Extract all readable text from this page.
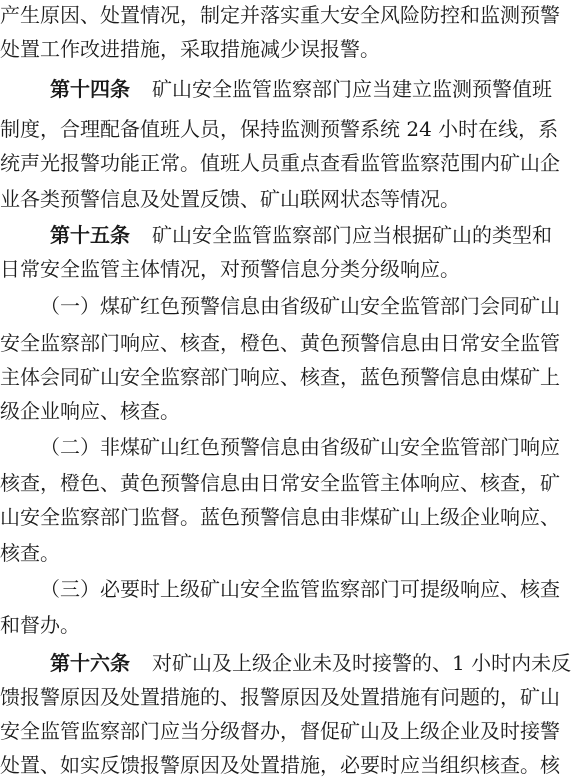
产生原因、处置情况，制定并落实重大安全风险防控和监测预警
处置工作改进措施，采取措施减少误报警。
第十四条 矿山安全监管监察部门应当建立监测预警值班
制度，合理配备值班人员，保持监测预警系统 24 小时在线，系
统声光报警功能正常。值班人员重点查看监管监察范围内矿山企
业各类预警信息及处置反馈、矿山联网状态等情况。
第十五条 矿山安全监管监察部门应当根据矿山的类型和
日常安全监管主体情况，对预警信息分类分级响应。
（一）煤矿红色预警信息由省级矿山安全监管部门会同矿山
安全监察部门响应、核查，橙色、黄色预警信息由日常安全监管
主体会同矿山安全监察部门响应、核查，蓝色预警信息由煤矿上
级企业响应、核查。
（二）非煤矿山红色预警信息由省级矿山安全监管部门响应
核查，橙色、黄色预警信息由日常安全监管主体响应、核查，矿
山安全监察部门监督。蓝色预警信息由非煤矿山上级企业响应、
核查。
（三）必要时上级矿山安全监管监察部门可提级响应、核查
和督办。
第十六条 对矿山及上级企业未及时接警的、1 小时内未反
馈报警原因及处置措施的、报警原因及处置措施有问题的，矿山
安全监管监察部门应当分级督办，督促矿山及上级企业及时接警
处置、如实反馈报警原因及处置措施，必要时应当组织核查。核
